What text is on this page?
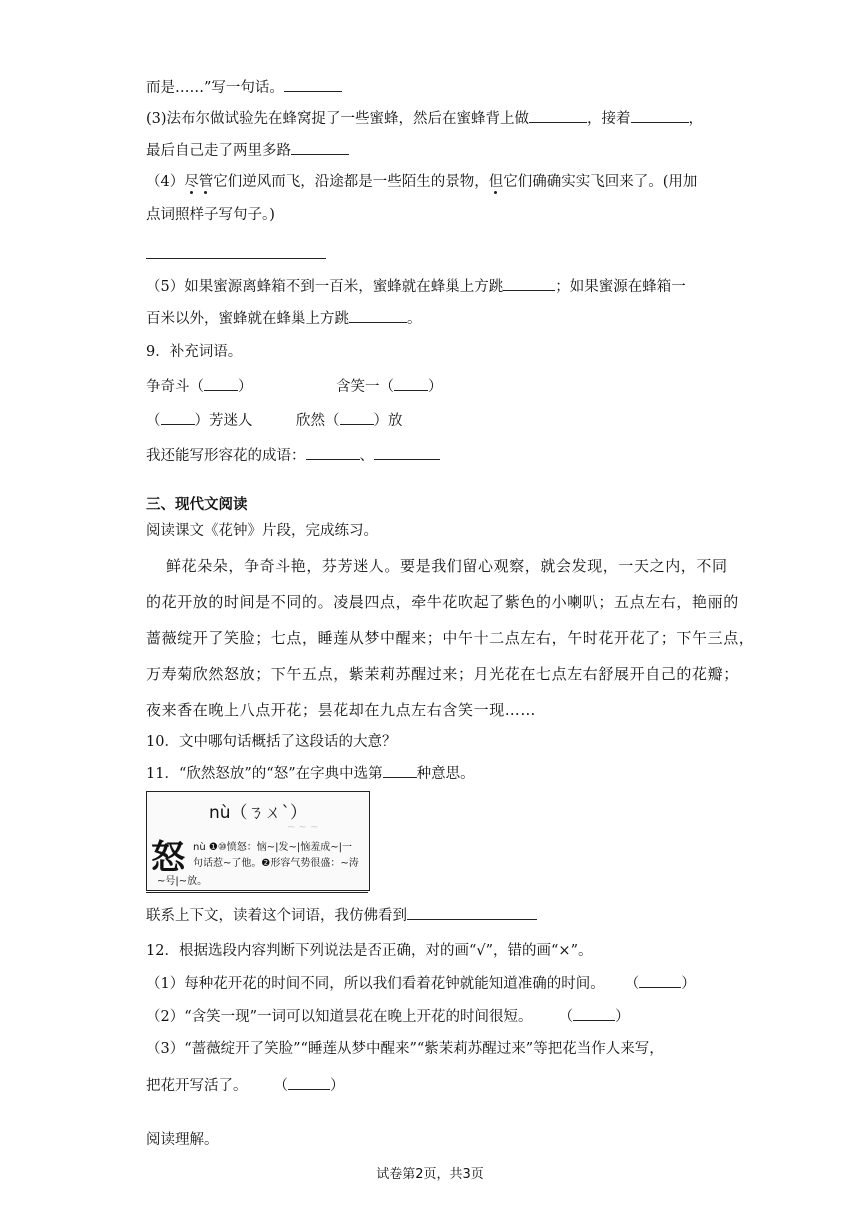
而是……”写一句话。
(3)法布尔做试验先在蜂窝捉了一些蜜蜂，然后在蜜蜂背上做	，接着	，
最后自己走了两里多路
（4）尽管它们逆风而飞，沿途都是一些陌生的景物，但它们确确实实飞回来了。(用加
点词照样子写句子。)
（5）如果蜜源离蜂箱不到一百米，蜜蜂就在蜂巢上方跳	；如果蜜源在蜂箱一
百米以外，蜜蜂就在蜂巢上方跳	。
9．补充词语。
争奇斗（ ）	含笑一（ ）
（ ）芳迷人	欣然（ ）放
我还能写形容花的成语：	、
三、现代文阅读
阅读课文《花钟》片段，完成练习。
鲜花朵朵，争奇斗艳，芬芳迷人。要是我们留心观察，就会发现，一天之内，不同
的花开放的时间是不同的。凌晨四点，牵牛花吹起了紫色的小喇叭；五点左右，艳丽的
蔷薇绽开了笑脸；七点，睡莲从梦中醒来；中午十二点左右，午时花开花了；下午三点，
万寿菊欣然怒放；下午五点，紫茉莉苏醒过来；月光花在七点左右舒展开自己的花瓣；
夜来香在晚上八点开花；昙花却在九点左右含笑一现……
10．文中哪句话概括了这段话的大意？
11．“欣然怒放”的“怒”在字典中选第 种意思。
nù（ㄋㄨˋ）
~ ~ ~
怒 nù ❶⑩愤怒：恼~|发~|恼羞成~|一
句话惹~了他。❷形容气势很盛：~涛
~号|~放。
联系上下文，读着这个词语，我仿佛看到
12．根据选段内容判断下列说法是否正确，对的画“√”，错的画“×”。
（1）每种花开花的时间不同，所以我们看着花钟就能知道准确的时间。 （	）
（2）“含笑一现”一词可以知道昙花在晚上开花的时间很短。 （	）
（3）“蔷薇绽开了笑脸”“睡莲从梦中醒来”“紫茉莉苏醒过来”等把花当作人来写，
把花开写活了。 （	）
阅读理解。
试卷第2页，共3页
